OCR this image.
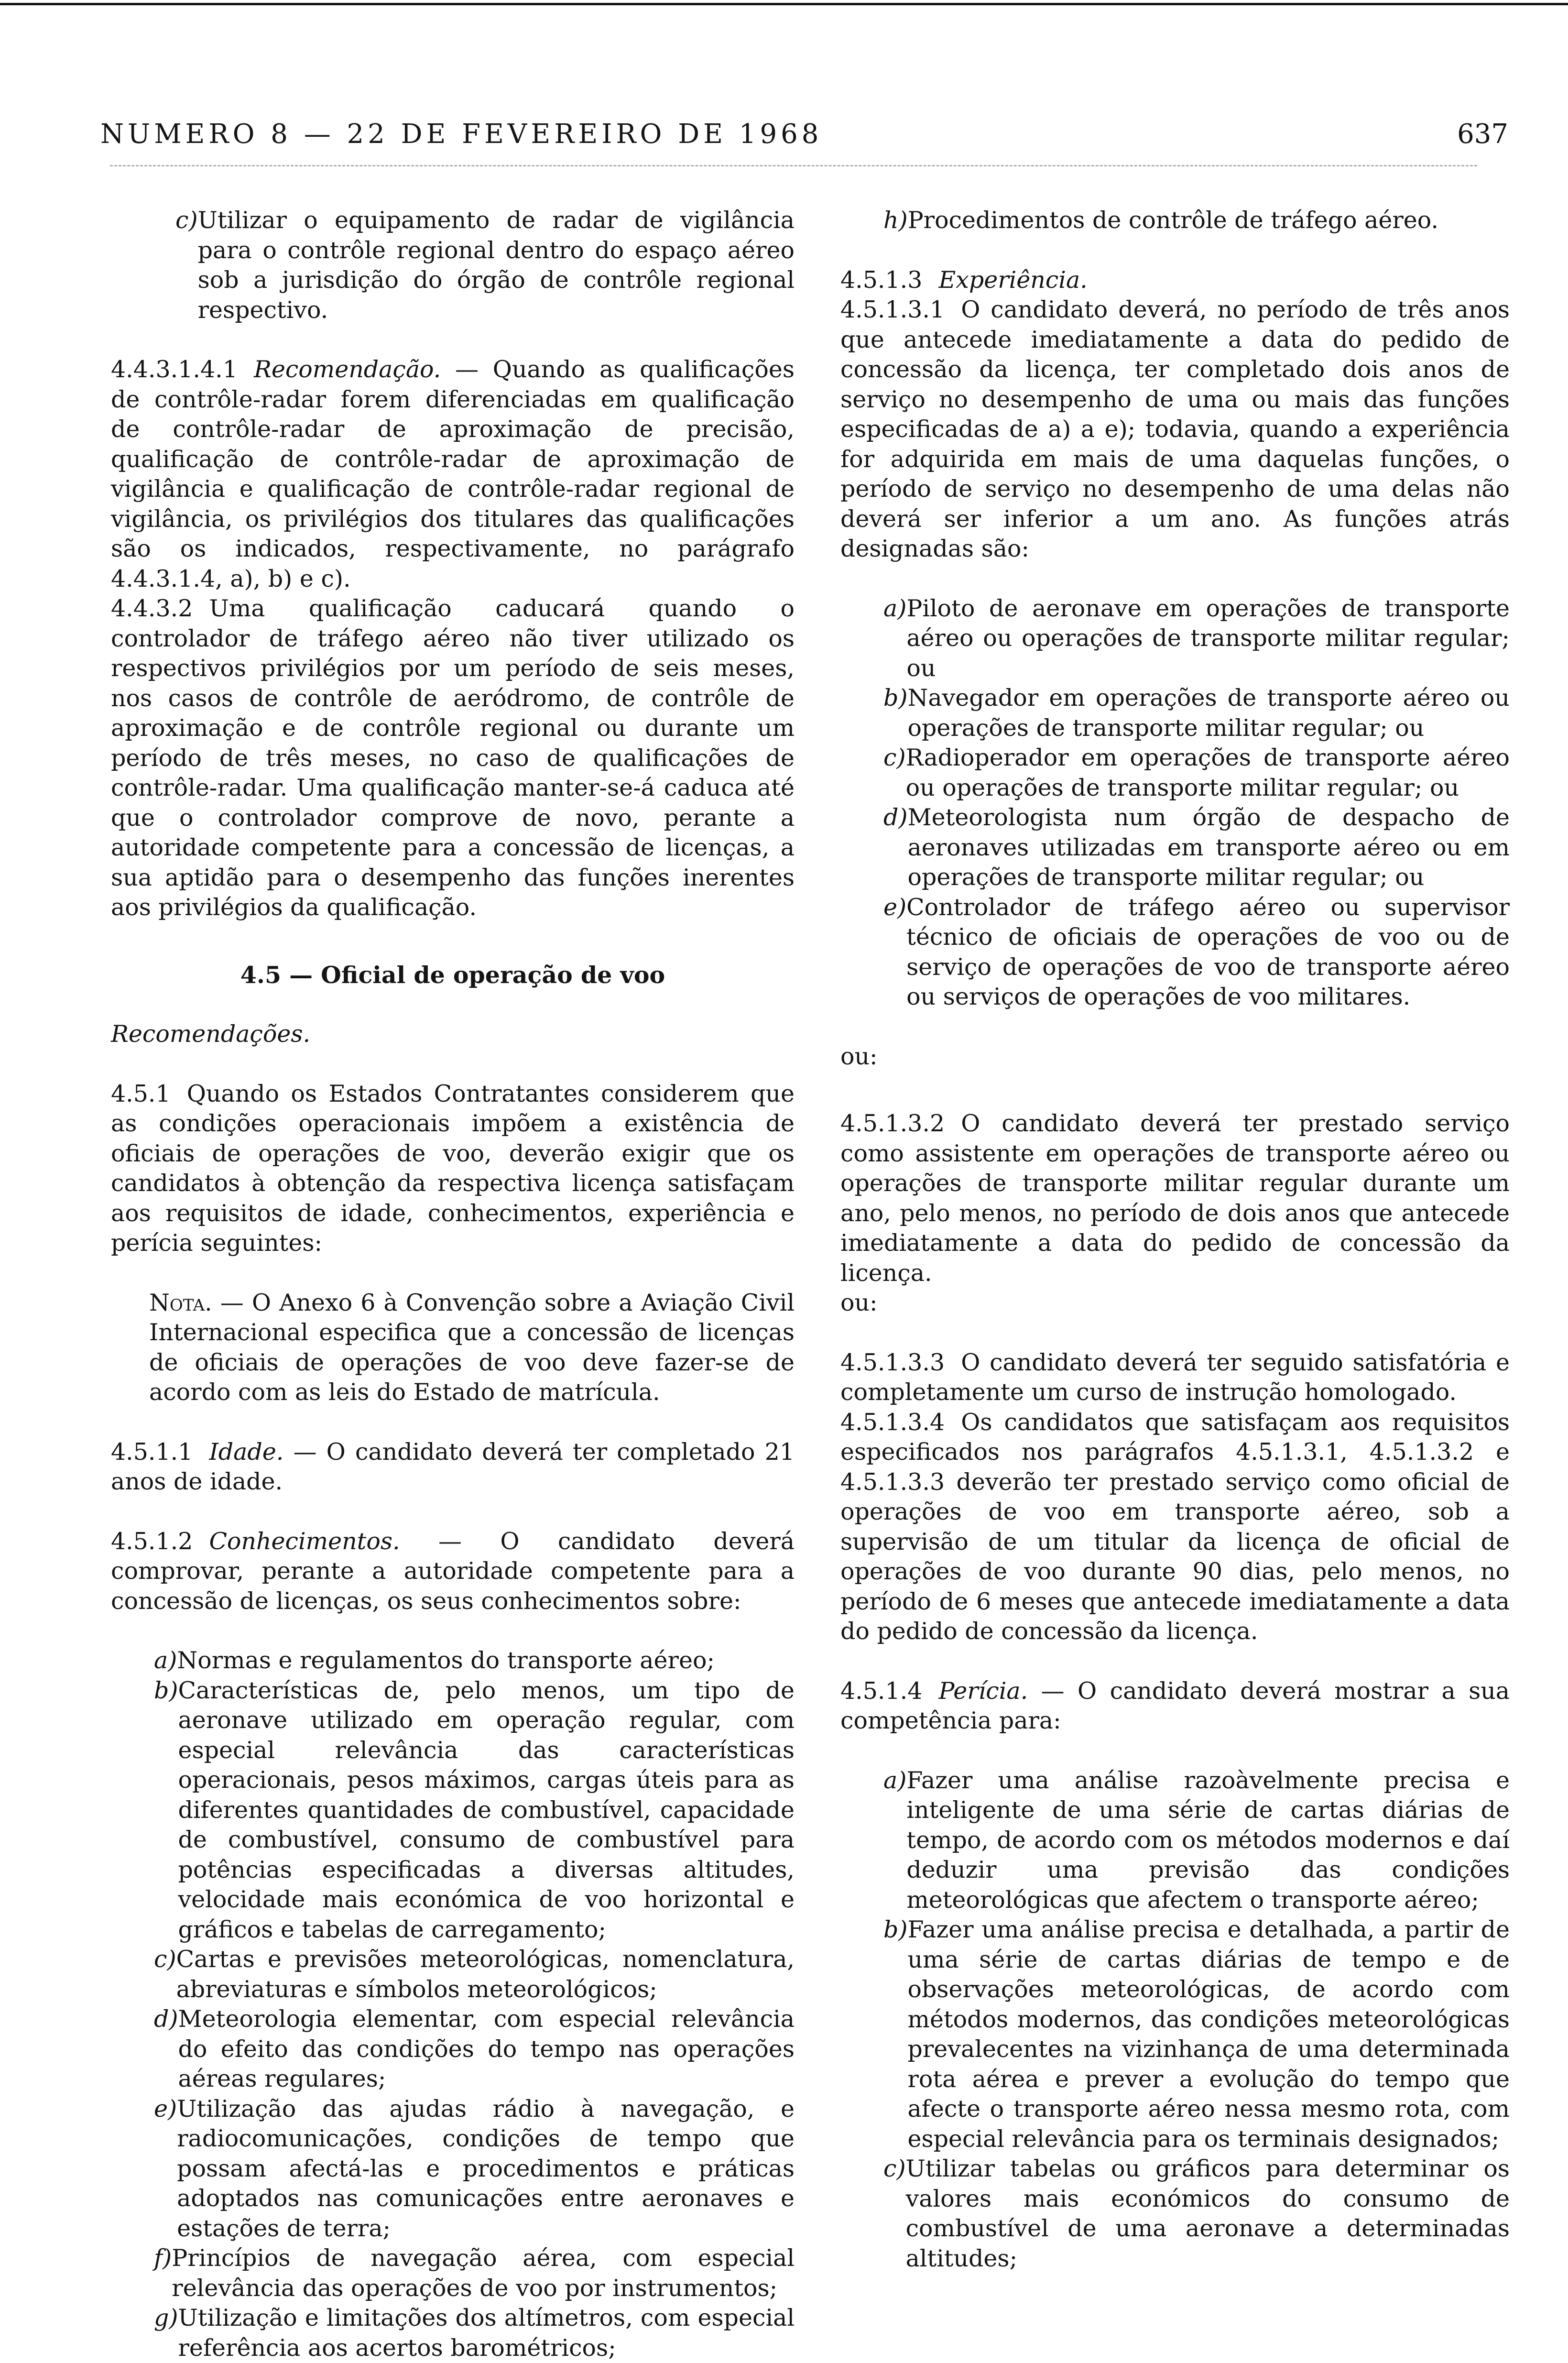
NUMERO 8 — 22 DE FEVEREIRO DE 1968	637
c) Utilizar o equipamento de radar de vigilância para o contrôle regional dentro do espaço aéreo sob a jurisdição do órgão de contrôle regional respectivo.

4.4.3.1.4.1 Recomendação. — Quando as qualificações de contrôle-radar forem diferenciadas em qualificação de contrôle-radar de aproximação de precisão, qualificação de contrôle-radar de aproximação de vigilância e qualificação de contrôle-radar regional de vigilância, os privilégios dos titulares das qualificações são os indicados, respectivamente, no parágrafo 4.4.3.1.4, a), b) e c).

4.4.3.2 Uma qualificação caducará quando o controlador de tráfego aéreo não tiver utilizado os respectivos privilégios por um período de seis meses, nos casos de contrôle de aeródromo, de contrôle de aproximação e de contrôle regional ou durante um período de três meses, no caso de qualificações de contrôle-radar. Uma qualificação manter-se-á caduca até que o controlador comprove de novo, perante a autoridade competente para a concessão de licenças, a sua aptidão para o desempenho das funções inerentes aos privilégios da qualificação.

4.5 — Oficial de operação de voo

Recomendações.

4.5.1 Quando os Estados Contratantes considerem que as condições operacionais impõem a existência de oficiais de operações de voo, deverão exigir que os candidatos à obtenção da respectiva licença satisfaçam aos requisitos de idade, conhecimentos, experiência e perícia seguintes:

Nota. — O Anexo 6 à Convenção sobre a Aviação Civil Internacional especifica que a concessão de licenças de oficiais de operações de voo deve fazer-se de acordo com as leis do Estado de matrícula.

4.5.1.1 Idade. — O candidato deverá ter completado 21 anos de idade.

4.5.1.2 Conhecimentos. — O candidato deverá comprovar, perante a autoridade competente para a concessão de licenças, os seus conhecimentos sobre:

a) Normas e regulamentos do transporte aéreo;
b) Características de, pelo menos, um tipo de aeronave utilizado em operação regular, com especial relevância das características operacionais, pesos máximos, cargas úteis para as diferentes quantidades de combustível, capacidade de combustível, consumo de combustível para potências especificadas a diversas altitudes, velocidade mais económica de voo horizontal e gráficos e tabelas de carregamento;
c) Cartas e previsões meteorológicas, nomenclatura, abreviaturas e símbolos meteorológicos;
d) Meteorologia elementar, com especial relevância do efeito das condições do tempo nas operações aéreas regulares;
e) Utilização das ajudas rádio à navegação, e radiocomunicações, condições de tempo que possam afectá-las e procedimentos e práticas adoptados nas comunicações entre aeronaves e estações de terra;
f) Princípios de navegação aérea, com especial relevância das operações de voo por instrumentos;
g) Utilização e limitações dos altímetros, com especial referência aos acertos barométricos;
h) Procedimentos de contrôle de tráfego aéreo.

4.5.1.3 Experiência.

4.5.1.3.1 O candidato deverá, no período de três anos que antecede imediatamente a data do pedido de concessão da licença, ter completado dois anos de serviço no desempenho de uma ou mais das funções especificadas de a) a e); todavia, quando a experiência for adquirida em mais de uma daquelas funções, o período de serviço no desempenho de uma delas não deverá ser inferior a um ano. As funções atrás designadas são:

a) Piloto de aeronave em operações de transporte aéreo ou operações de transporte militar regular; ou
b) Navegador em operações de transporte aéreo ou operações de transporte militar regular; ou
c) Radioperador em operações de transporte aéreo ou operações de transporte militar regular; ou
d) Meteorologista num órgão de despacho de aeronaves utilizadas em transporte aéreo ou em operações de transporte militar regular; ou
e) Controlador de tráfego aéreo ou supervisor técnico de oficiais de operações de voo ou de serviço de operações de voo de transporte aéreo ou serviços de operações de voo militares.

ou:

4.5.1.3.2 O candidato deverá ter prestado serviço como assistente em operações de transporte aéreo ou operações de transporte militar regular durante um ano, pelo menos, no período de dois anos que antecede imediatamente a data do pedido de concessão da licença.

ou:

4.5.1.3.3 O candidato deverá ter seguido satisfatória e completamente um curso de instrução homologado.

4.5.1.3.4 Os candidatos que satisfaçam aos requisitos especificados nos parágrafos 4.5.1.3.1, 4.5.1.3.2 e 4.5.1.3.3 deverão ter prestado serviço como oficial de operações de voo em transporte aéreo, sob a supervisão de um titular da licença de oficial de operações de voo durante 90 dias, pelo menos, no período de 6 meses que antecede imediatamente a data do pedido de concessão da licença.

4.5.1.4 Perícia. — O candidato deverá mostrar a sua competência para:

a) Fazer uma análise razoàvelmente precisa e inteligente de uma série de cartas diárias de tempo, de acordo com os métodos modernos e daí deduzir uma previsão das condições meteorológicas que afectem o transporte aéreo;
b) Fazer uma análise precisa e detalhada, a partir de uma série de cartas diárias de tempo e de observações meteorológicas, de acordo com métodos modernos, das condições meteorológicas prevalecentes na vizinhança de uma determinada rota aérea e prever a evolução do tempo que afecte o transporte aéreo nessa mesmo rota, com especial relevância para os terminais designados;
c) Utilizar tabelas ou gráficos para determinar os valores mais económicos do consumo de combustível de uma aeronave a determinadas altitudes;
